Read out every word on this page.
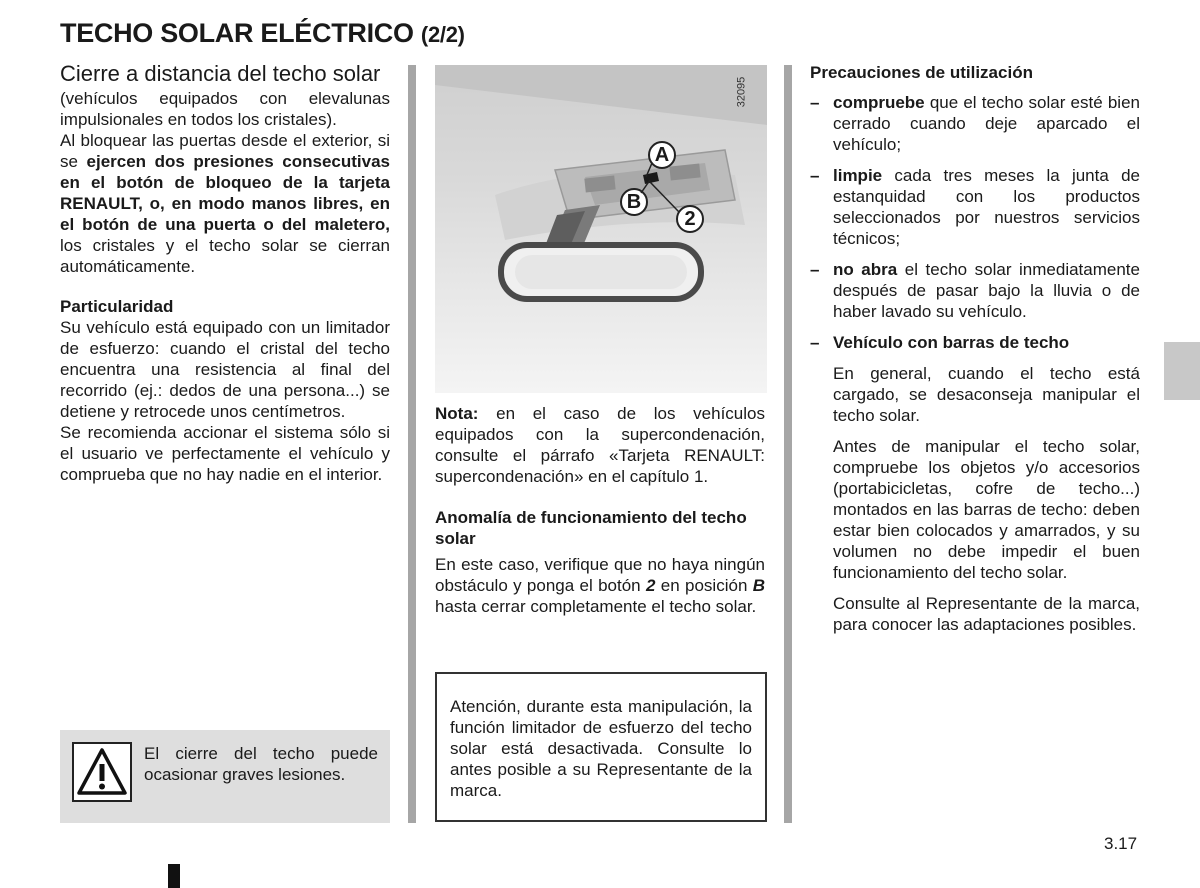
TECHO SOLAR ELÉCTRICO (2/2)
Cierre a distancia del techo solar

(vehículos equipados con elevalunas impulsionales en todos los cristales).

Al bloquear las puertas desde el exterior, si se ejercen dos presiones consecutivas en el botón de bloqueo de la tarjeta RENAULT, o, en modo manos libres, en el botón de una puerta o del maletero, los cristales y el techo solar se cierran automáticamente.

Particularidad

Su vehículo está equipado con un limitador de esfuerzo: cuando el cristal del techo encuentra una resistencia al final del recorrido (ej.: dedos de una persona...) se detiene y retrocede unos centímetros.

Se recomienda accionar el sistema sólo si el usuario ve perfectamente el vehículo y comprueba que no hay nadie en el interior.

El cierre del techo puede ocasionar graves lesiones.
32095
A
B
2

Nota: en el caso de los vehículos equipados con la supercondenación, consulte el párrafo «Tarjeta RENAULT: supercondenación» en el capítulo 1.

Anomalía de funcionamiento del techo solar

En este caso, verifique que no haya ningún obstáculo y ponga el botón 2 en posición B hasta cerrar completamente el techo solar.

Atención, durante esta manipulación, la función limitador de esfuerzo del techo solar está desactivada. Consulte lo antes posible a su Representante de la marca.

Precauciones de utilización

– compruebe que el techo solar esté bien cerrado cuando deje aparcado el vehículo;
– limpie cada tres meses la junta de estanquidad con los productos seleccionados por nuestros servicios técnicos;
– no abra el techo solar inmediatamente después de pasar bajo la lluvia o de haber lavado su vehículo.
– Vehículo con barras de techo

En general, cuando el techo está cargado, se desaconseja manipular el techo solar.

Antes de manipular el techo solar, compruebe los objetos y/o accesorios (portabicicletas, cofre de techo...) montados en las barras de techo: deben estar bien colocados y amarrados, y su volumen no debe impedir el buen funcionamiento del techo solar.

Consulte al Representante de la marca, para conocer las adaptaciones posibles.

3.17
